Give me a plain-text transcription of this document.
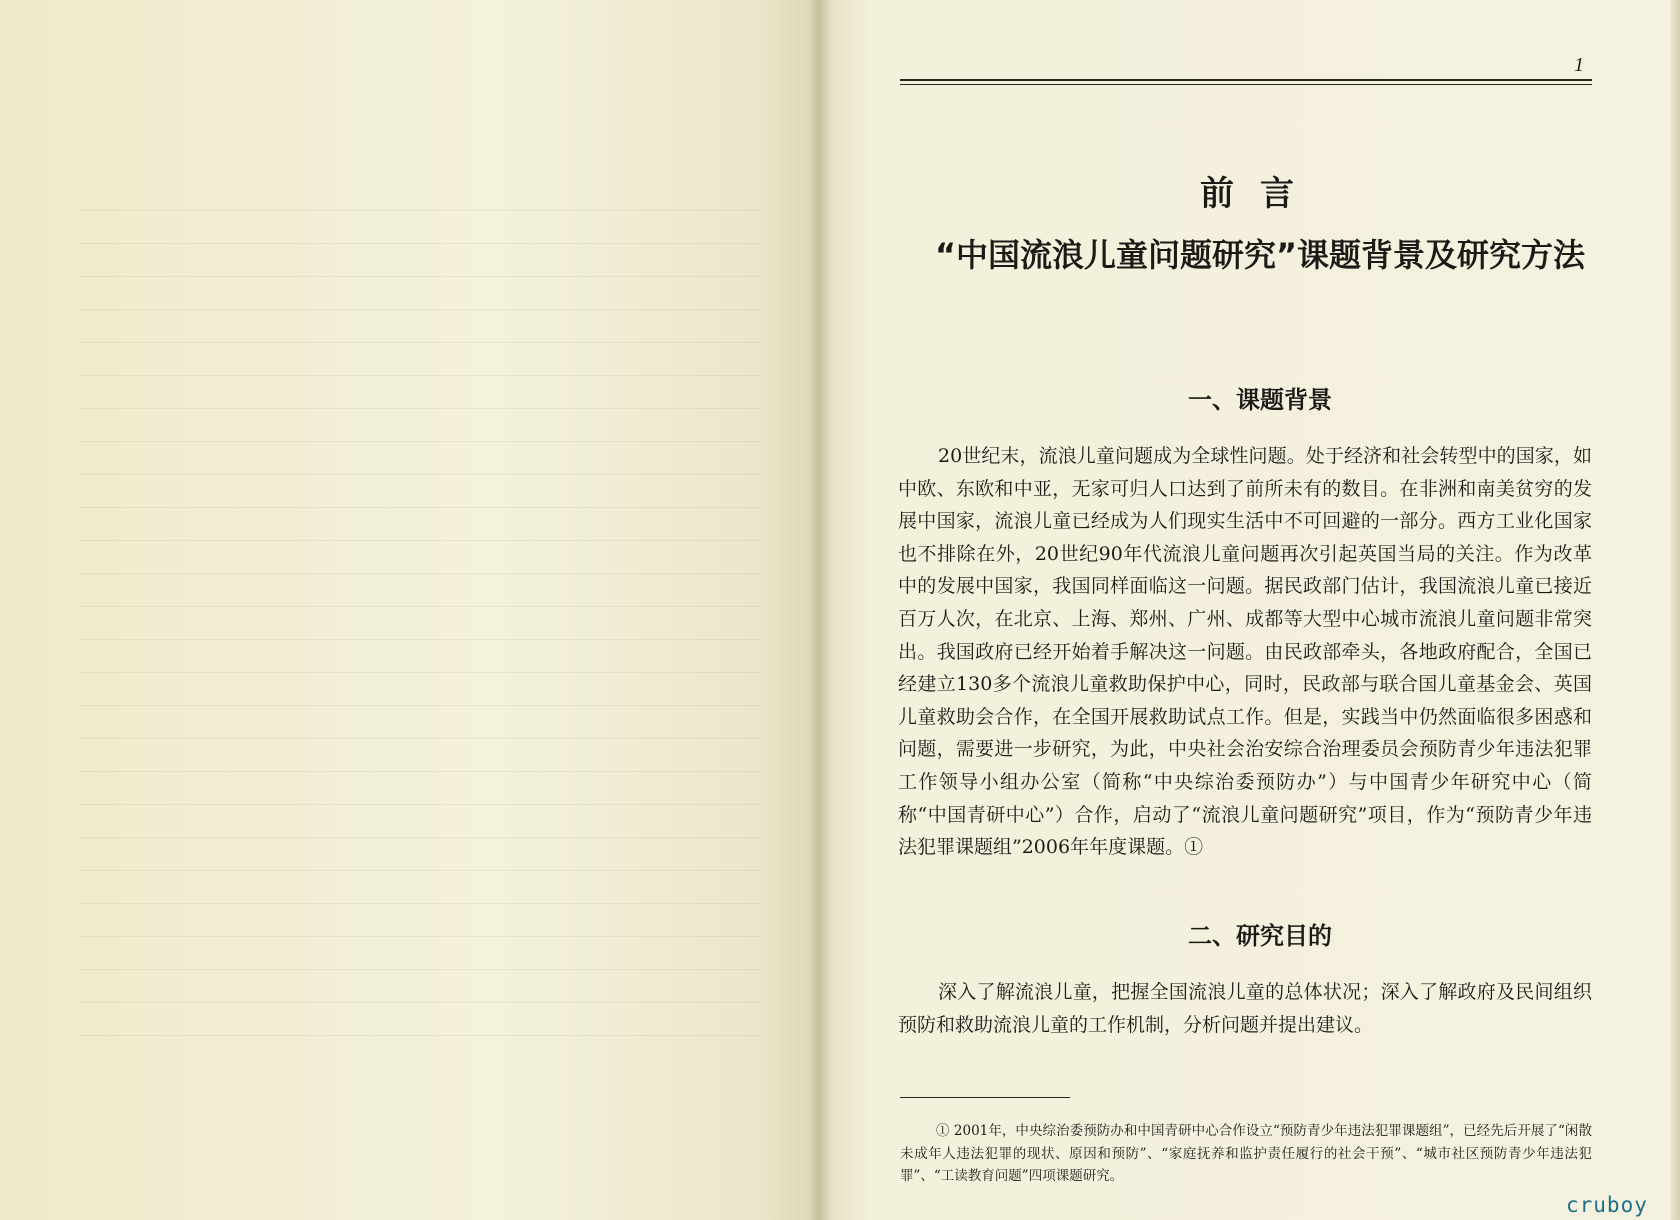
1
前言
“中国流浪儿童问题研究”课题背景及研究方法
一、课题背景
20世纪末，流浪儿童问题成为全球性问题。处于经济和社会转型中的国家，如中欧、东欧和中亚，无家可归人口达到了前所未有的数目。在非洲和南美贫穷的发展中国家，流浪儿童已经成为人们现实生活中不可回避的一部分。西方工业化国家也不排除在外，20世纪90年代流浪儿童问题再次引起英国当局的关注。作为改革中的发展中国家，我国同样面临这一问题。据民政部门估计，我国流浪儿童已接近百万人次，在北京、上海、郑州、广州、成都等大型中心城市流浪儿童问题非常突出。我国政府已经开始着手解决这一问题。由民政部牵头，各地政府配合，全国已经建立130多个流浪儿童救助保护中心，同时，民政部与联合国儿童基金会、英国儿童救助会合作，在全国开展救助试点工作。但是，实践当中仍然面临很多困惑和问题，需要进一步研究，为此，中央社会治安综合治理委员会预防青少年违法犯罪工作领导小组办公室（简称“中央综治委预防办”）与中国青少年研究中心（简称“中国青研中心”）合作，启动了“流浪儿童问题研究”项目，作为“预防青少年违法犯罪课题组”2006年年度课题。①
二、研究目的
深入了解流浪儿童，把握全国流浪儿童的总体状况；深入了解政府及民间组织预防和救助流浪儿童的工作机制，分析问题并提出建议。
① 2001年，中央综治委预防办和中国青研中心合作设立“预防青少年违法犯罪课题组”，已经先后开展了“闲散未成年人违法犯罪的现状、原因和预防”、“家庭抚养和监护责任履行的社会干预”、“城市社区预防青少年违法犯罪”、“工读教育问题”四项课题研究。
cruboy
